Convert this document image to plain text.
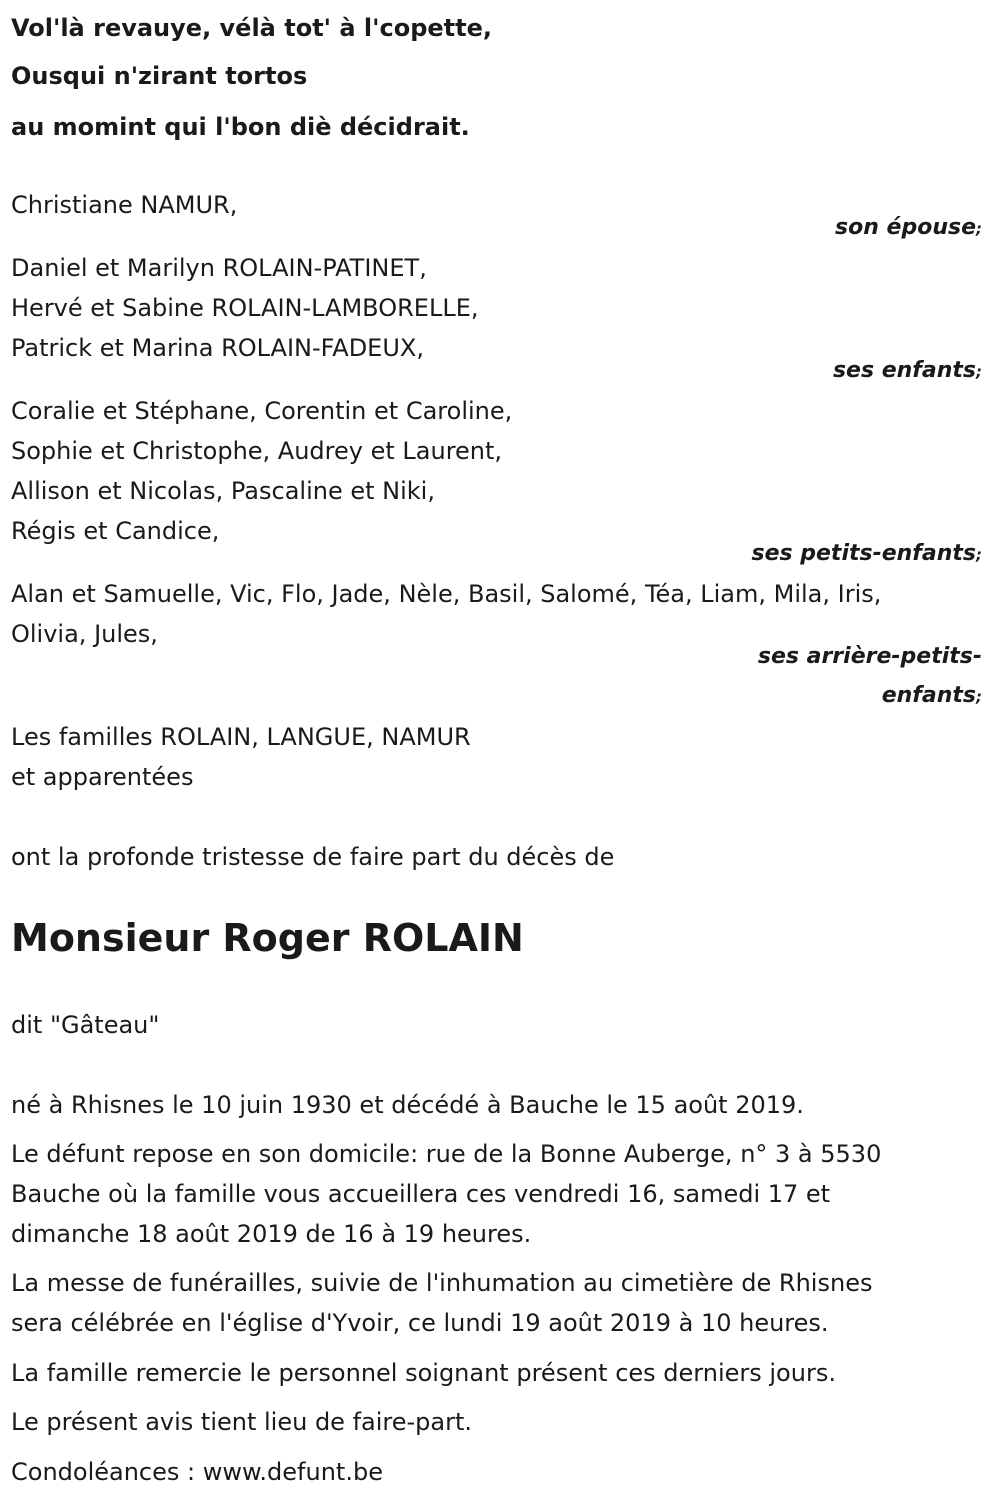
Vol'là revauye, vélà tot' à l'copette,
Ousqui n'zirant tortos
au momint qui l'bon diè décidrait.
Christiane NAMUR,
son épouse;
Daniel et Marilyn ROLAIN-PATINET,
Hervé et Sabine ROLAIN-LAMBORELLE,
Patrick et Marina ROLAIN-FADEUX,
ses enfants;
Coralie et Stéphane, Corentin et Caroline,
Sophie et Christophe, Audrey et Laurent,
Allison et Nicolas, Pascaline et Niki,
Régis et Candice,
ses petits-enfants;
Alan et Samuelle, Vic, Flo, Jade, Nèle, Basil, Salomé, Téa, Liam, Mila, Iris,
Olivia, Jules,
ses arrière-petits-
enfants;
Les familles ROLAIN, LANGUE, NAMUR
et apparentées
ont la profonde tristesse de faire part du décès de
Monsieur Roger ROLAIN
dit "Gâteau"
né à Rhisnes le 10 juin 1930 et décédé à Bauche le 15 août 2019.
Le défunt repose en son domicile: rue de la Bonne Auberge, n° 3 à 5530
Bauche où la famille vous accueillera ces vendredi 16, samedi 17 et
dimanche 18 août 2019 de 16 à 19 heures.
La messe de funérailles, suivie de l'inhumation au cimetière de Rhisnes
sera célébrée en l'église d'Yvoir, ce lundi 19 août 2019 à 10 heures.
La famille remercie le personnel soignant présent ces derniers jours.
Le présent avis tient lieu de faire-part.
Condoléances : www.defunt.be
